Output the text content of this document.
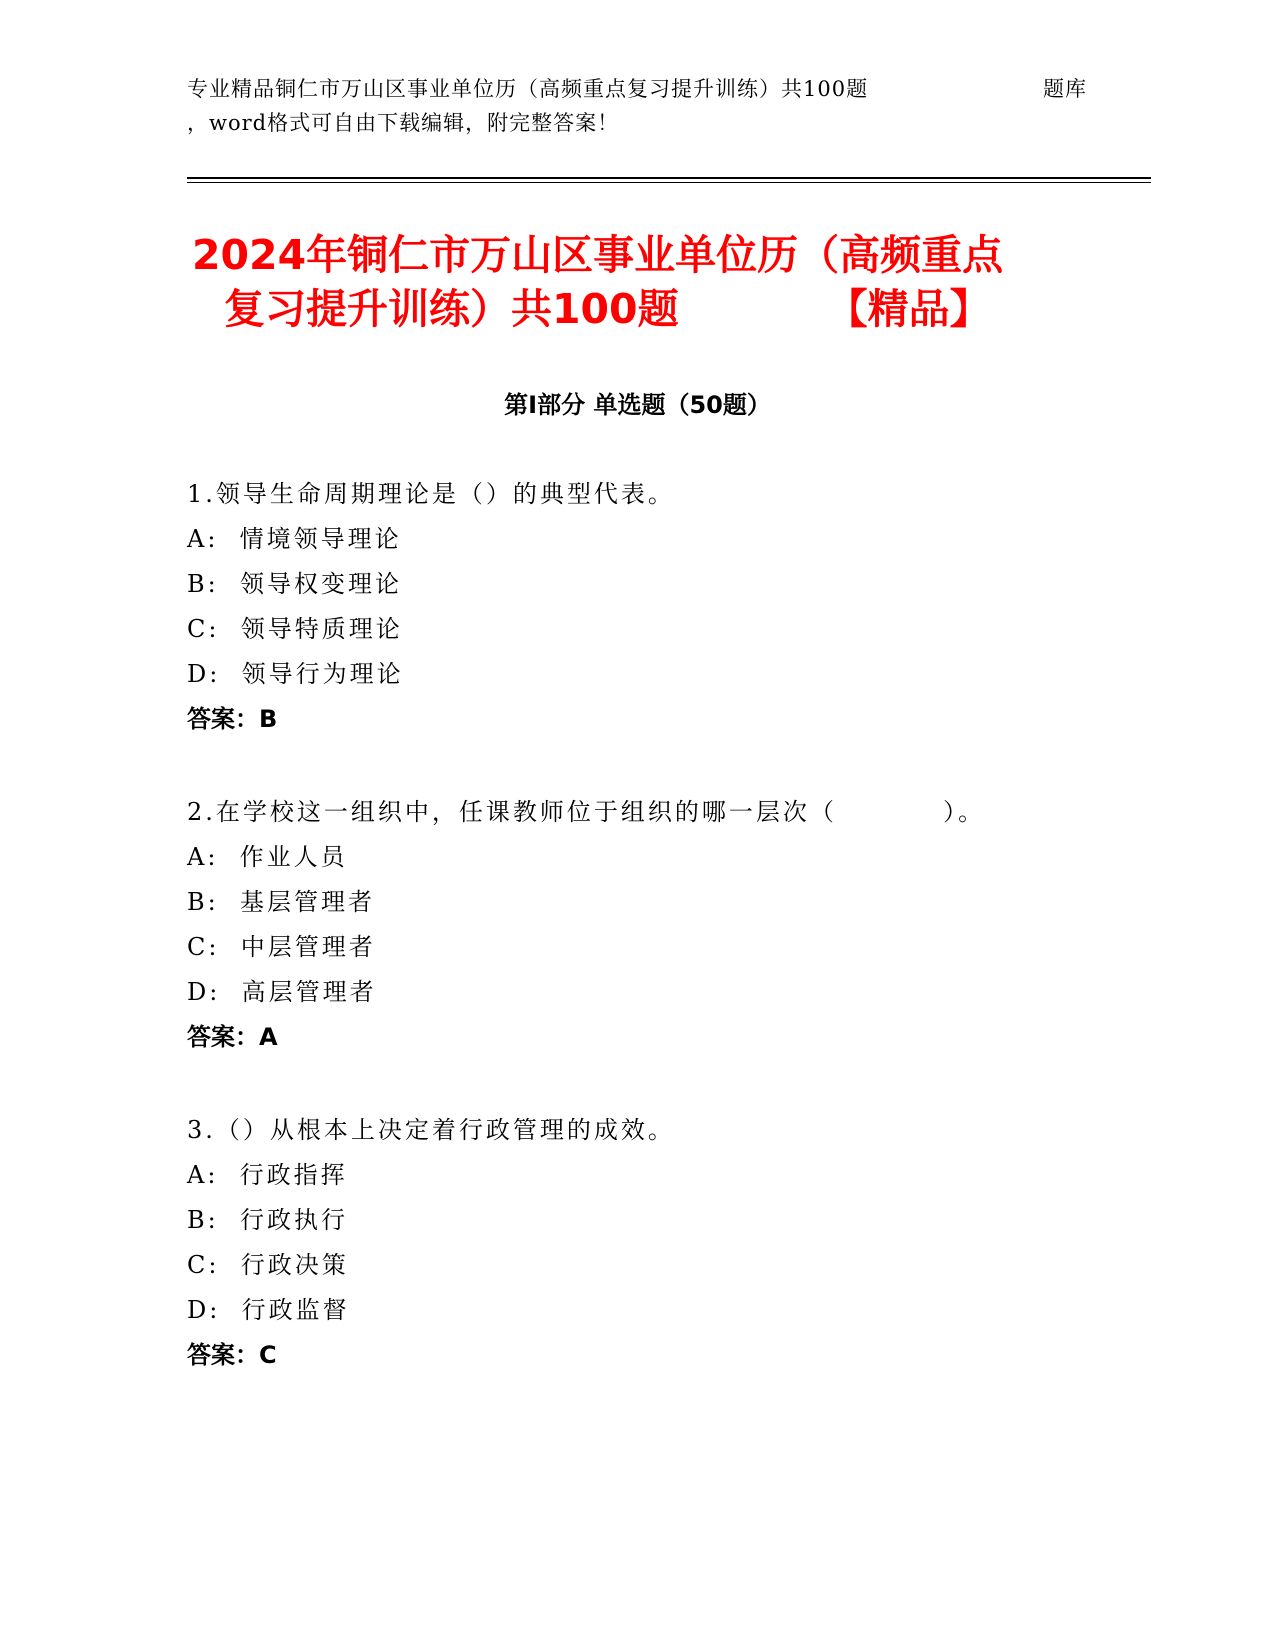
专业精品铜仁市万山区事业单位历（高频重点复习提升训练）共100题	题库
，word格式可自由下载编辑，附完整答案！
2024年铜仁市万山区事业单位历（高频重点
复习提升训练）共100题	【精品】
第Ⅰ部分 单选题（50题）
1.领导生命周期理论是（）的典型代表。
A:  情境领导理论
B:  领导权变理论
C:  领导特质理论
D:  领导行为理论
答案：B
2.在学校这一组织中，任课教师位于组织的哪一层次（          ）。
A:  作业人员
B:  基层管理者
C:  中层管理者
D:  高层管理者
答案：A
3.（）从根本上决定着行政管理的成效。
A:  行政指挥
B:  行政执行
C:  行政决策
D:  行政监督
答案：C
